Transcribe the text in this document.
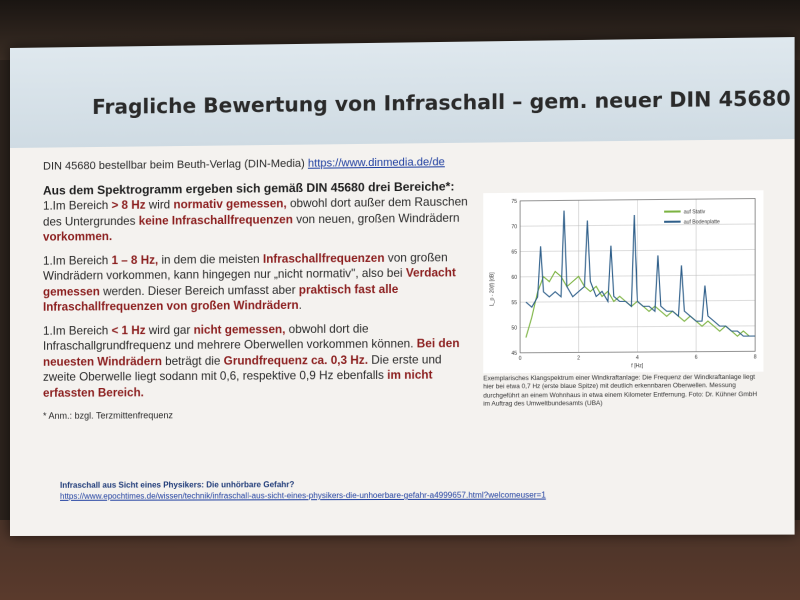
Fragliche Bewertung von Infraschall – gem. neuer DIN 45680

DIN 45680 bestellbar beim Beuth-Verlag (DIN-Media) https://www.dinmedia.de/de

Aus dem Spektrogramm ergeben sich gemäß DIN 45680 drei Bereiche*:

1.Im Bereich > 8 Hz wird normativ gemessen, obwohl dort außer dem Rauschen des Untergrundes keine Infraschallfrequenzen von neuen, großen Windrädern vorkommen.

1.Im Bereich 1 – 8 Hz, in dem die meisten Infraschallfrequenzen von großen Windrädern vorkommen, kann hingegen nur „nicht normativ", also bei Verdacht gemessen werden. Dieser Bereich umfasst aber praktisch fast alle Infraschallfrequenzen von großen Windrädern.

1.Im Bereich < 1 Hz wird gar nicht gemessen, obwohl dort die Infraschallgrundfrequenz und mehrere Oberwellen vorkommen können. Bei den neuesten Windrädern beträgt die Grundfrequenz ca. 0,3 Hz. Die erste und zweite Oberwelle liegt sodann mit 0,6, respektive 0,9 Hz ebenfalls im nicht erfassten Bereich.

* Anm.: bzgl. Terzmittenfrequenz

45
50
55
60
65
70
75
0	2	4	6	8
auf Stativ
auf Bodenplatte
L_p - 20(f) [dB]
f [Hz]
Exemplarisches Klangspektrum einer Windkraftanlage: Die Frequenz der Windkraftanlage liegt hier bei etwa 0,7 Hz (erste blaue Spitze) mit deutlich erkennbaren Oberwellen. Messung durchgeführt an einem Wohnhaus in etwa einem Kilometer Entfernung. Foto: Dr. Kühner GmbH im Auftrag des Umweltbundesamts (UBA)
Infraschall aus Sicht eines Physikers: Die unhörbare Gefahr?
https://www.epochtimes.de/wissen/technik/infraschall-aus-sicht-eines-physikers-die-unhoerbare-gefahr-a4999657.html?welcomeuser=1
